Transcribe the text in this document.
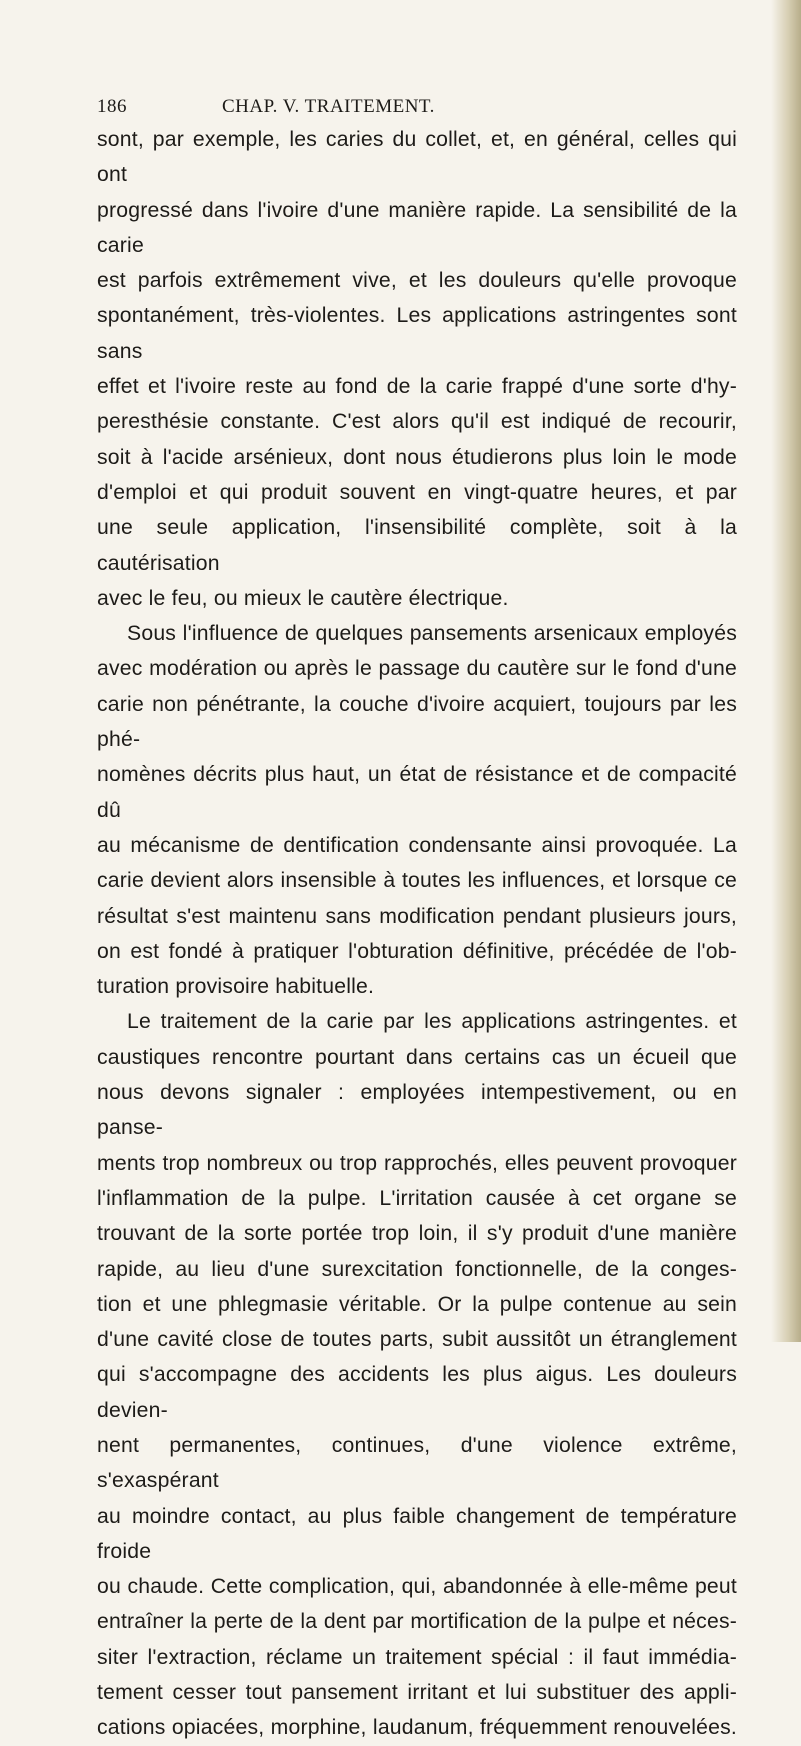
186	CHAP. V. TRAITEMENT.

sont, par exemple, les caries du collet, et, en général, celles qui ont

progressé dans l'ivoire d'une manière rapide. La sensibilité de la carie

est parfois extrêmement vive, et les douleurs qu'elle provoque

spontanément, très-violentes. Les applications astringentes sont sans

effet et l'ivoire reste au fond de la carie frappé d'une sorte d'hy-

peresthésie constante. C'est alors qu'il est indiqué de recourir,

soit à l'acide arsénieux, dont nous étudierons plus loin le mode

d'emploi et qui produit souvent en vingt-quatre heures, et par

une seule application, l'insensibilité complète, soit à la cautérisation

avec le feu, ou mieux le cautère électrique.

Sous l'influence de quelques pansements arsenicaux employés

avec modération ou après le passage du cautère sur le fond d'une

carie non pénétrante, la couche d'ivoire acquiert, toujours par les phé-

nomènes décrits plus haut, un état de résistance et de compacité dû

au mécanisme de dentification condensante ainsi provoquée. La

carie devient alors insensible à toutes les influences, et lorsque ce

résultat s'est maintenu sans modification pendant plusieurs jours,

on est fondé à pratiquer l'obturation définitive, précédée de l'ob-

turation provisoire habituelle.

Le traitement de la carie par les applications astringentes. et

caustiques rencontre pourtant dans certains cas un écueil que

nous devons signaler : employées intempestivement, ou en panse-

ments trop nombreux ou trop rapprochés, elles peuvent provoquer

l'inflammation de la pulpe. L'irritation causée à cet organe se

trouvant de la sorte portée trop loin, il s'y produit d'une manière

rapide, au lieu d'une surexcitation fonctionnelle, de la conges-

tion et une phlegmasie véritable. Or la pulpe contenue au sein

d'une cavité close de toutes parts, subit aussitôt un étranglement

qui s'accompagne des accidents les plus aigus. Les douleurs devien-

nent permanentes, continues, d'une violence extrême, s'exaspérant

au moindre contact, au plus faible changement de température froide

ou chaude. Cette complication, qui, abandonnée à elle-même peut

entraîner la perte de la dent par mortification de la pulpe et néces-

siter l'extraction, réclame un traitement spécial : il faut immédia-

tement cesser tout pansement irritant et lui substituer des appli-

cations opiacées, morphine, laudanum, fréquemment renouvelées.
